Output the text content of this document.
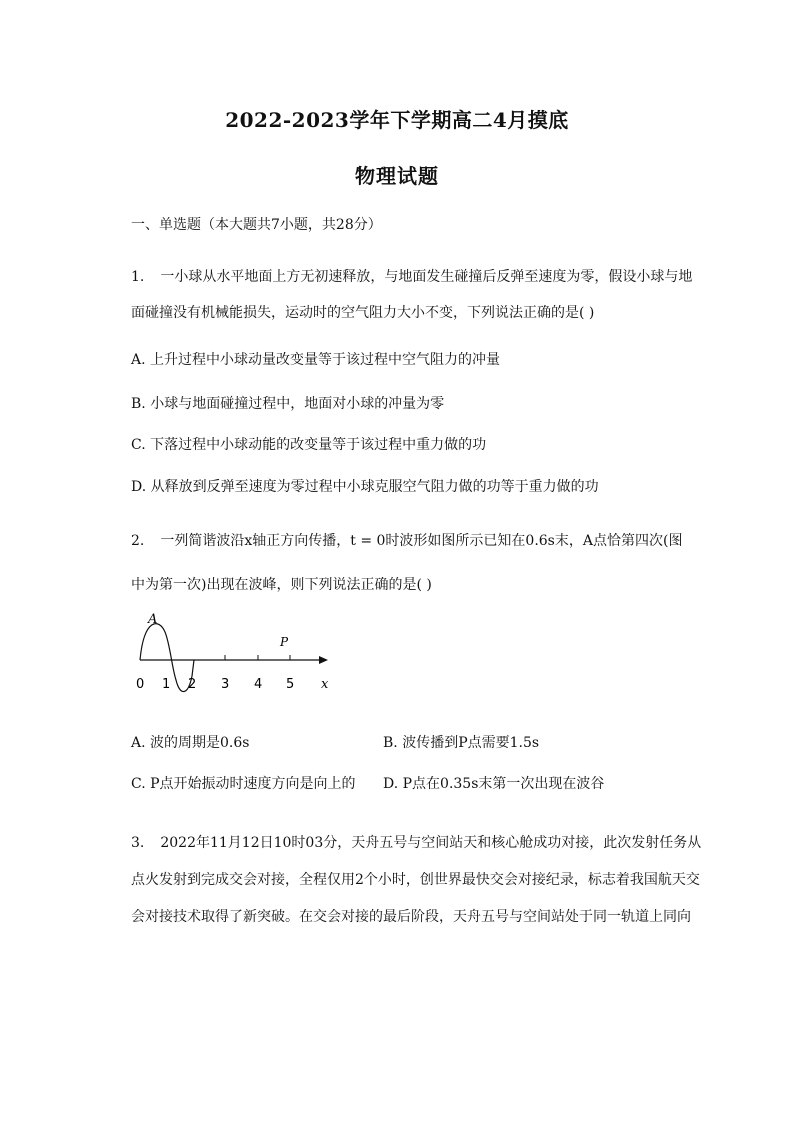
2022-2023学年下学期高二4月摸底
物理试题
一、单选题（本大题共7小题，共28分）
1. 一小球从水平地面上方无初速释放，与地面发生碰撞后反弹至速度为零，假设小球与地
面碰撞没有机械能损失，运动时的空气阻力大小不变，下列说法正确的是( )
A. 上升过程中小球动量改变量等于该过程中空气阻力的冲量
B. 小球与地面碰撞过程中，地面对小球的冲量为零
C. 下落过程中小球动能的改变量等于该过程中重力做的功
D. 从释放到反弹至速度为零过程中小球克服空气阻力做的功等于重力做的功
2. 一列简谐波沿x轴正方向传播，t = 0时波形如图所示已知在0.6s末，A点恰第四次(图
中为第一次)出现在波峰，则下列说法正确的是( )
A
P
0 1 2 3 4 5 x
A. 波的周期是0.6s	B. 波传播到P点需要1.5s
C. P点开始振动时速度方向是向上的 D. P点在0.35s末第一次出现在波谷
3. 2022年11月12日10时03分，天舟五号与空间站天和核心舱成功对接，此次发射任务从
点火发射到完成交会对接，全程仅用2个小时，创世界最快交会对接纪录，标志着我国航天交
会对接技术取得了新突破。在交会对接的最后阶段，天舟五号与空间站处于同一轨道上同向
